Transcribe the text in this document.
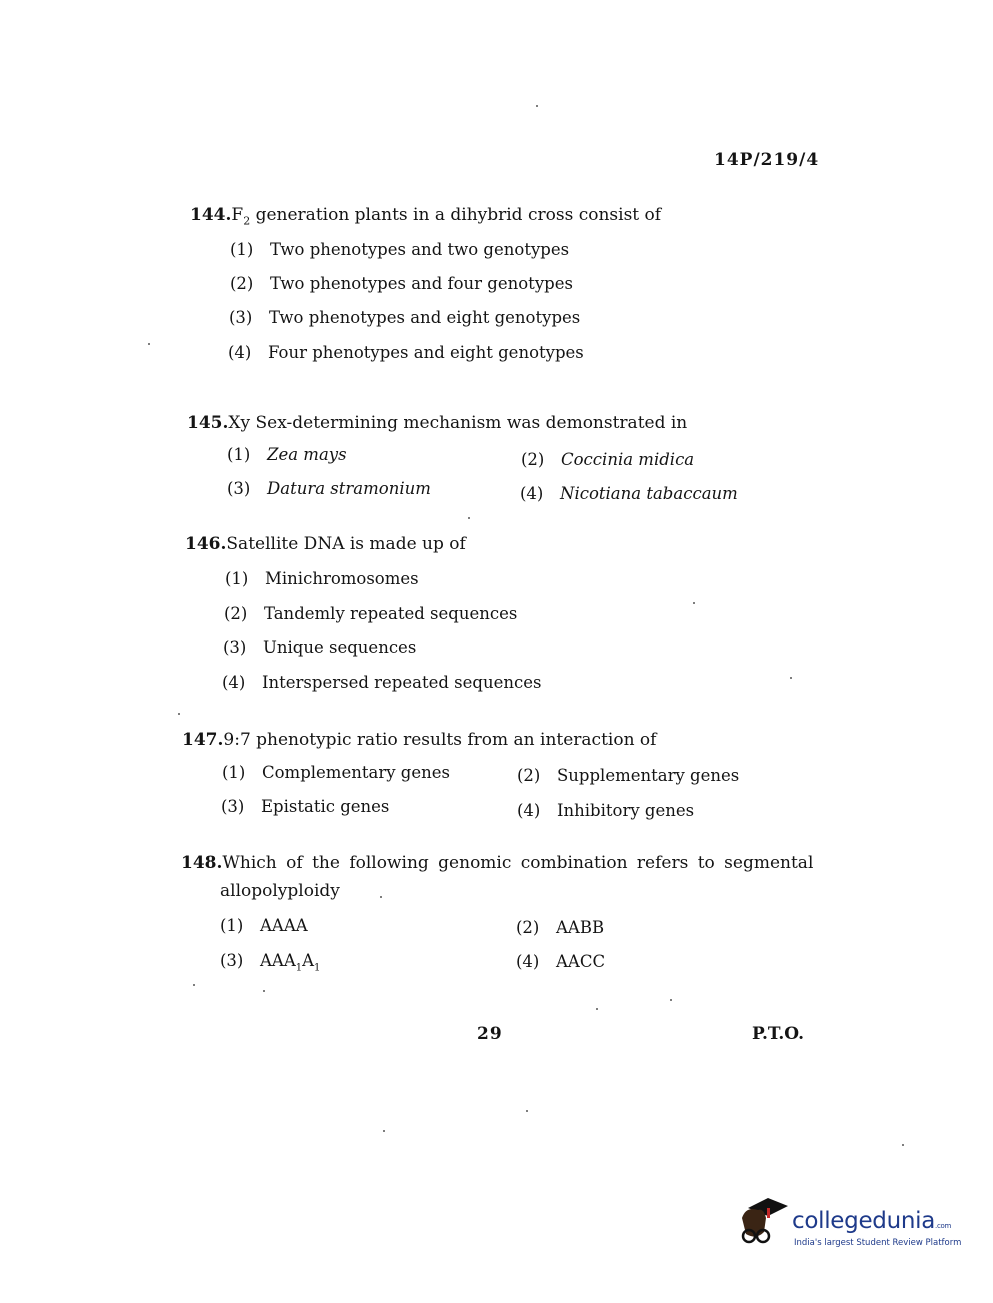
14P/219/4
$144.F_2$ generation plants in a dihybrid cross consist of
(1) Two phenotypes and two genotypes
(2) Two phenotypes and four genotypes
(3) Two phenotypes and eight genotypes
(4) Four phenotypes and eight genotypes
145.Xy Sex-determining mechanism was demonstrated in
(1) Zea mays	(2) Coccinia midica
(3) Datura stramonium	(4) Nicotiana tabaccaum
146.Satellite DNA is made up of
(1) Minichromosomes
(2) Tandemly repeated sequences
(3) Unique sequences
(4) Interspersed repeated sequences
147.9:7 phenotypic ratio results from an interaction of
(1) Complementary genes	(2) Supplementary genes
(3) Epistatic genes	(4) Inhibitory genes
148.Which of the following genomic combination refers to segmental
allopolyploidy
(1) AAAA	(2) AABB
(3) $AAA_1A_1$	(4) AACC
29	P.T.O.
collegedunia.com
India's largest Student Review Platform
